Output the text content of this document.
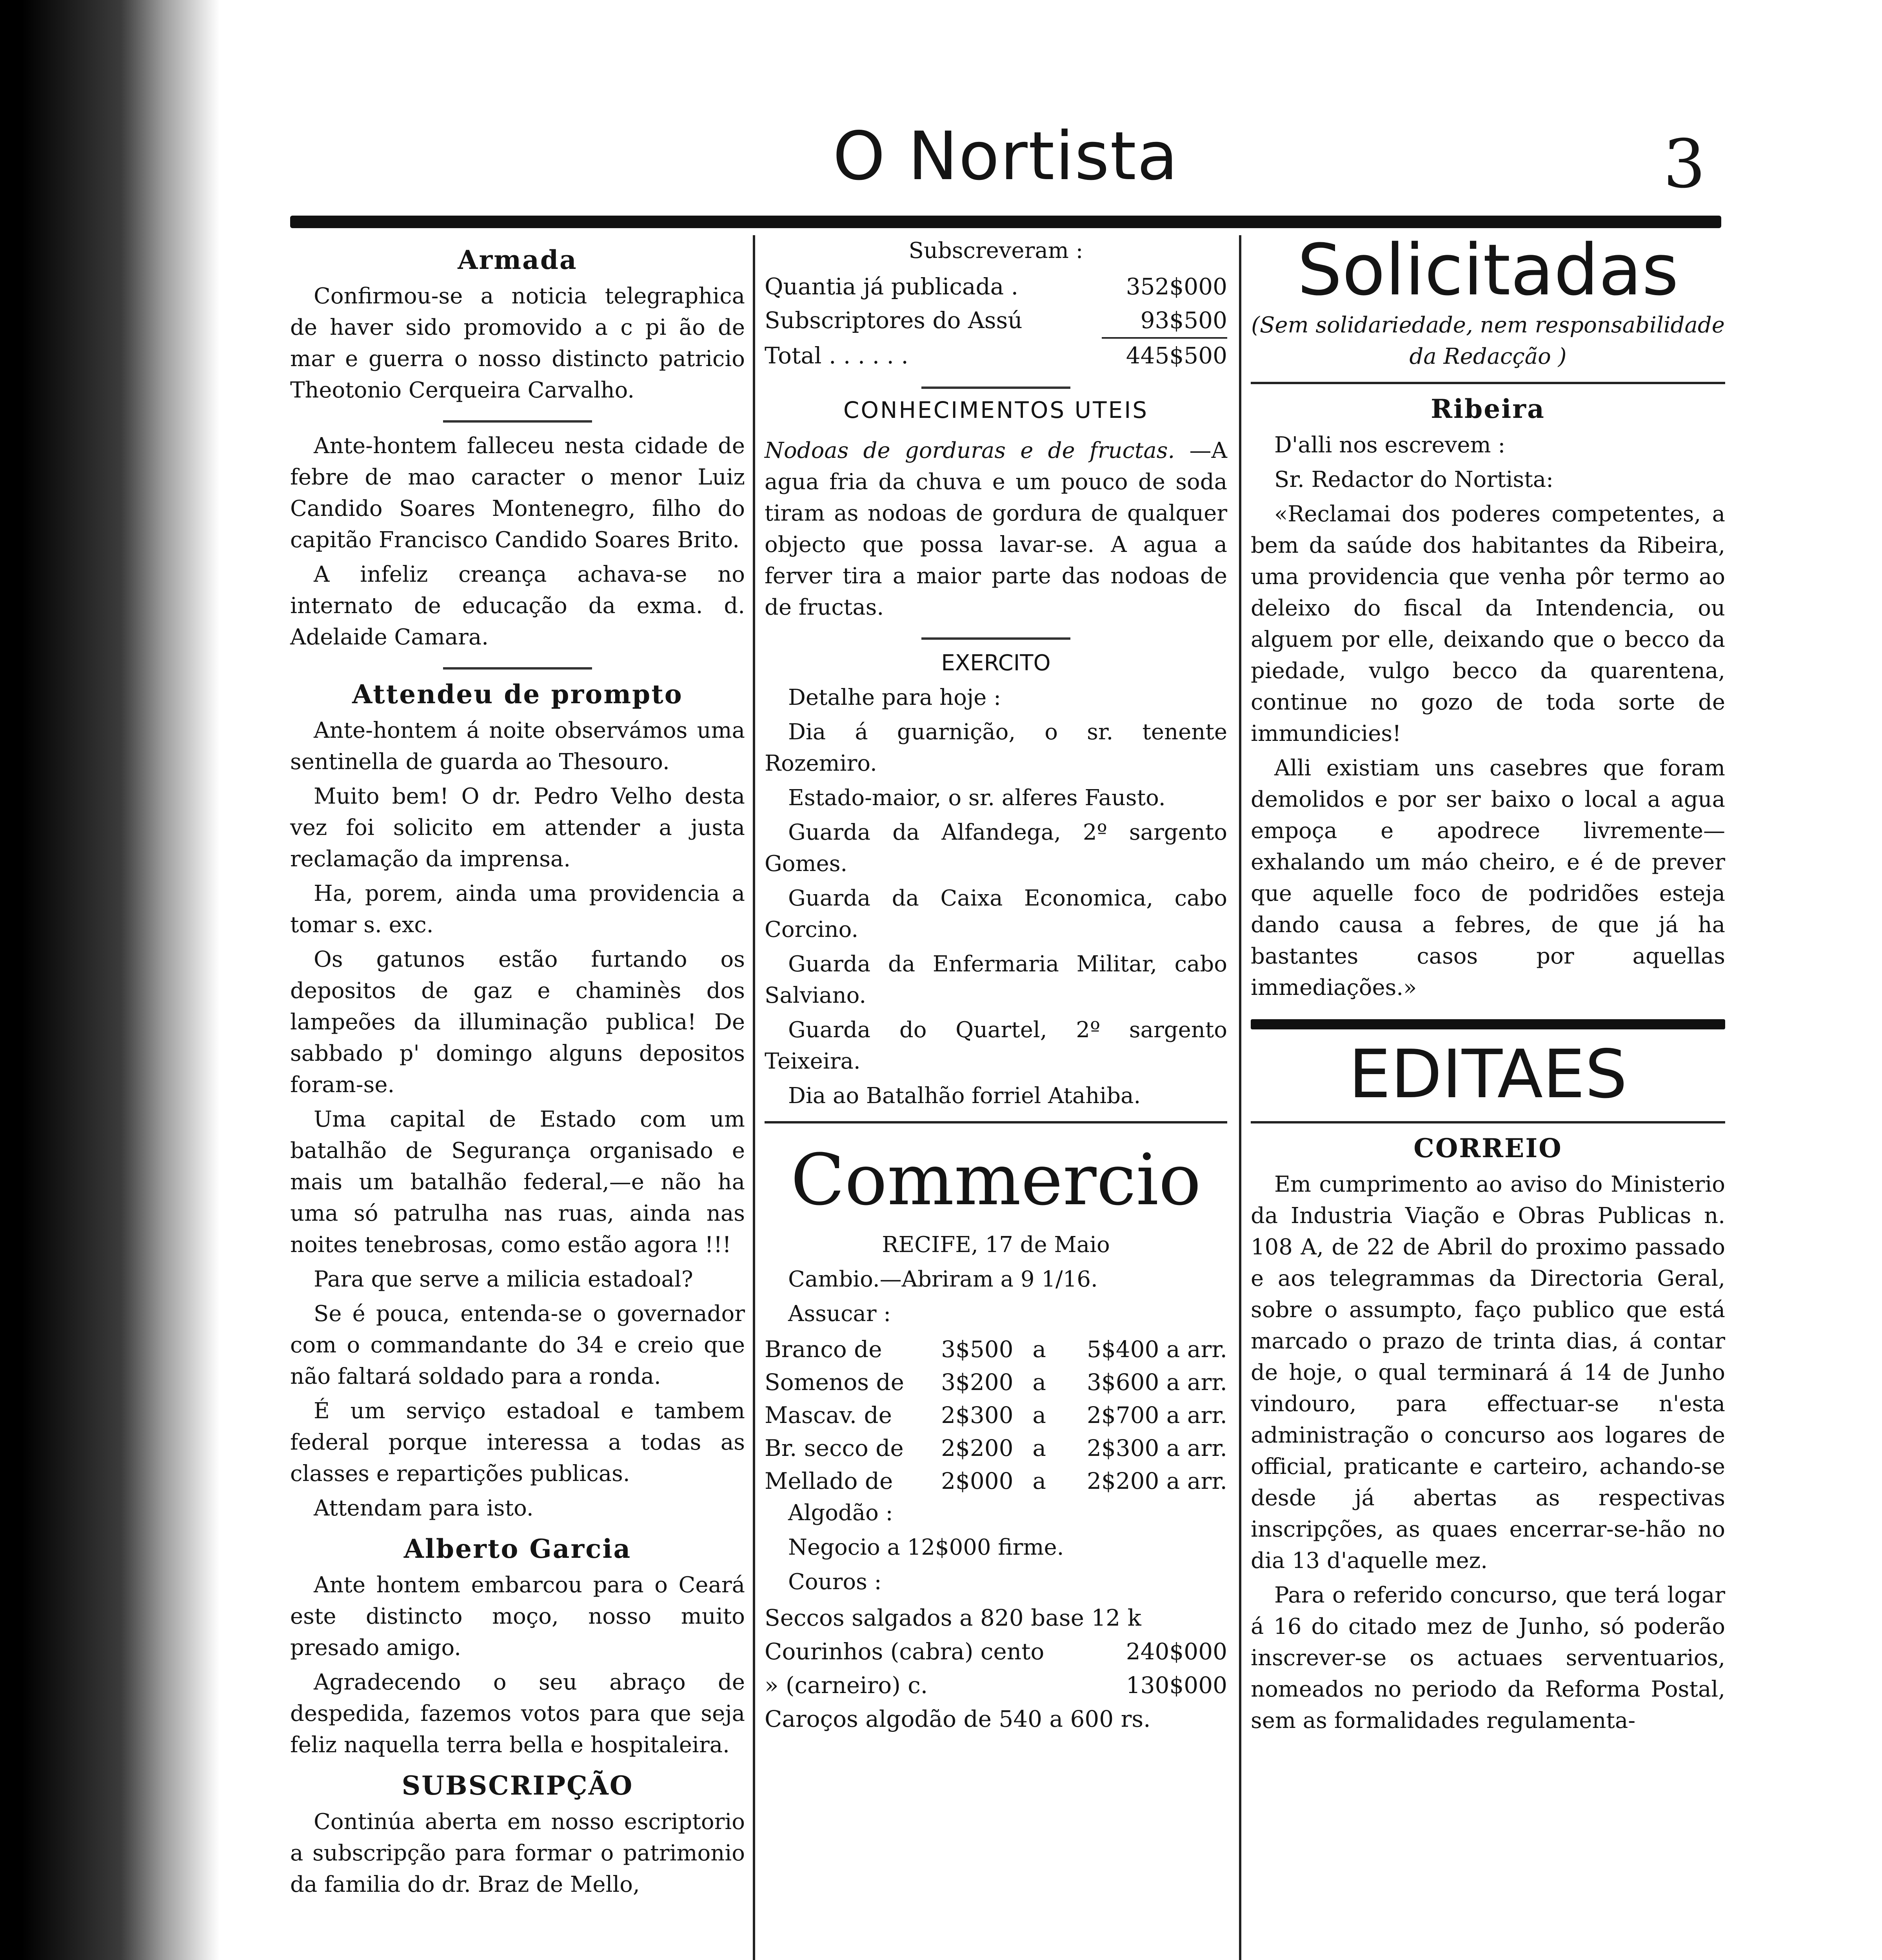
O Nortista	3
Armada

Confirmou-se a noticia telegraphica de haver sido promovido a c pi ão de mar e guerra o nosso distincto patricio Theotonio Cerqueira Carvalho.

Ante-hontem falleceu nesta cidade de febre de mao caracter o menor Luiz Candido Soares Montenegro, filho do capitão Francisco Candido Soares Brito.

A infeliz creança achava-se no internato de educação da exma. d. Adelaide Camara.

Attendeu de prompto

Ante-hontem á noite observámos uma sentinella de guarda ao Thesouro.

Muito bem! O dr. Pedro Velho desta vez foi solicito em attender a justa reclamação da imprensa.

Ha, porem, ainda uma providencia a tomar s. exc.

Os gatunos estão furtando os depositos de gaz e chaminès dos lampeões da illuminação publica! De sabbado p' domingo alguns depositos foram-se.

Uma capital de Estado com um batalhão de Segurança organisado e mais um batalhão federal,—e não ha uma só patrulha nas ruas, ainda nas noites tenebrosas, como estão agora !!!

Para que serve a milicia estadoal?

Se é pouca, entenda-se o governador com o commandante do 34 e creio que não faltará soldado para a ronda.

É um serviço estadoal e tambem federal porque interessa a todas as classes e repartições publicas.

Attendam para isto.

Alberto Garcia

Ante hontem embarcou para o Ceará este distincto moço, nosso muito presado amigo.

Agradecendo o seu abraço de despedida, fazemos votos para que seja feliz naquella terra bella e hospitaleira.

SUBSCRIPÇÃO

Continúa aberta em nosso escriptorio a subscripção para formar o patrimonio da familia do dr. Braz de Mello,

Subscreveram :

Quantia já publicada .	352$000
Subscriptores do Assú	93$500
Total . . . . . .	445$500
CONHECIMENTOS UTEIS

Nodoas de gorduras e de fructas. —A agua fria da chuva e um pouco de soda tiram as nodoas de gordura de qualquer objecto que possa lavar-se. A agua a ferver tira a maior parte das nodoas de de fructas.

EXERCITO

Detalhe para hoje :

Dia á guarnição, o sr. tenente Rozemiro.

Estado-maior, o sr. alferes Fausto.

Guarda da Alfandega, 2º sargento Gomes.

Guarda da Caixa Economica, cabo Corcino.

Guarda da Enfermaria Militar, cabo Salviano.

Guarda do Quartel, 2º sargento Teixeira.

Dia ao Batalhão forriel Atahiba.

Commercio

RECIFE, 17 de Maio

Cambio.—Abriram a 9 1/16.

Assucar :

Branco de	3$500	a	5$400 a arr.
Somenos de	3$200	a	3$600 a arr.
Mascav. de	2$300	a	2$700 a arr.
Br. secco de	2$200	a	2$300 a arr.
Mellado de	2$000	a	2$200 a arr.

Algodão :

Negocio a 12$000 firme.

Couros :

Seccos salgados a 820 base 12 k
Courinhos (cabra) cento	240$000
» (carneiro) c.	130$000
Caroços algodão de 540 a 600 rs.
Solicitadas

(Sem solidariedade, nem responsabilidade da Redacção )

Ribeira

D'alli nos escrevem :

Sr. Redactor do Nortista:

«Reclamai dos poderes competentes, a bem da saúde dos habitantes da Ribeira, uma providencia que venha pôr termo ao deleixo do fiscal da Intendencia, ou alguem por elle, deixando que o becco da piedade, vulgo becco da quarentena, continue no gozo de toda sorte de immundicies!

Alli existiam uns casebres que foram demolidos e por ser baixo o local a agua empoça e apodrece livremente—exhalando um máo cheiro, e é de prever que aquelle foco de podridões esteja dando causa a febres, de que já ha bastantes casos por aquellas immediações.»

EDITAES
CORREIO

Em cumprimento ao aviso do Ministerio da Industria Viação e Obras Publicas n. 108 A, de 22 de Abril do proximo passado e aos telegrammas da Directoria Geral, sobre o assumpto, faço publico que está marcado o prazo de trinta dias, á contar de hoje, o qual terminará á 14 de Junho vindouro, para effectuar-se n'esta administração o concurso aos logares de official, praticante e carteiro, achando-se desde já abertas as respectivas inscripções, as quaes encerrar-se-hão no dia 13 d'aquelle mez.

Para o referido concurso, que terá logar á 16 do citado mez de Junho, só poderão inscrever-se os actuaes serventuarios, nomeados no periodo da Reforma Postal, sem as formalidades regulamenta-
